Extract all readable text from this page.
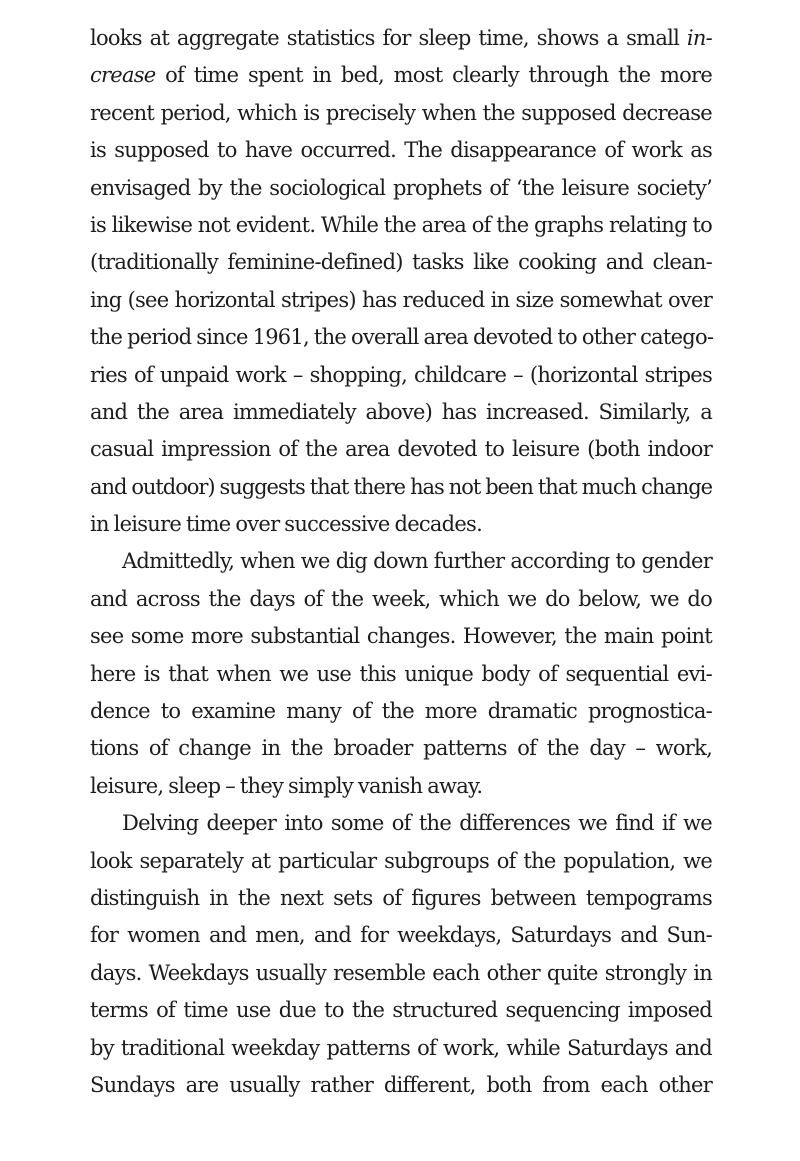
looks at aggregate statistics for sleep time, shows a small in-
crease of time spent in bed, most clearly through the more
recent period, which is precisely when the supposed decrease
is supposed to have occurred. The disappearance of work as
envisaged by the sociological prophets of ‘the leisure society’
is likewise not evident. While the area of the graphs relating to
(traditionally feminine-defined) tasks like cooking and clean-
ing (see horizontal stripes) has reduced in size somewhat over
the period since 1961, the overall area devoted to other catego-
ries of unpaid work – shopping, childcare – (horizontal stripes
and the area immediately above) has increased. Similarly, a
casual impression of the area devoted to leisure (both indoor
and outdoor) suggests that there has not been that much change
in leisure time over successive decades.
Admittedly, when we dig down further according to gender
and across the days of the week, which we do below, we do
see some more substantial changes. However, the main point
here is that when we use this unique body of sequential evi-
dence to examine many of the more dramatic prognostica-
tions of change in the broader patterns of the day – work,
leisure, sleep – they simply vanish away.
Delving deeper into some of the differences we find if we
look separately at particular subgroups of the population, we
distinguish in the next sets of figures between tempograms
for women and men, and for weekdays, Saturdays and Sun-
days. Weekdays usually resemble each other quite strongly in
terms of time use due to the structured sequencing imposed
by traditional weekday patterns of work, while Saturdays and
Sundays are usually rather different, both from each other
